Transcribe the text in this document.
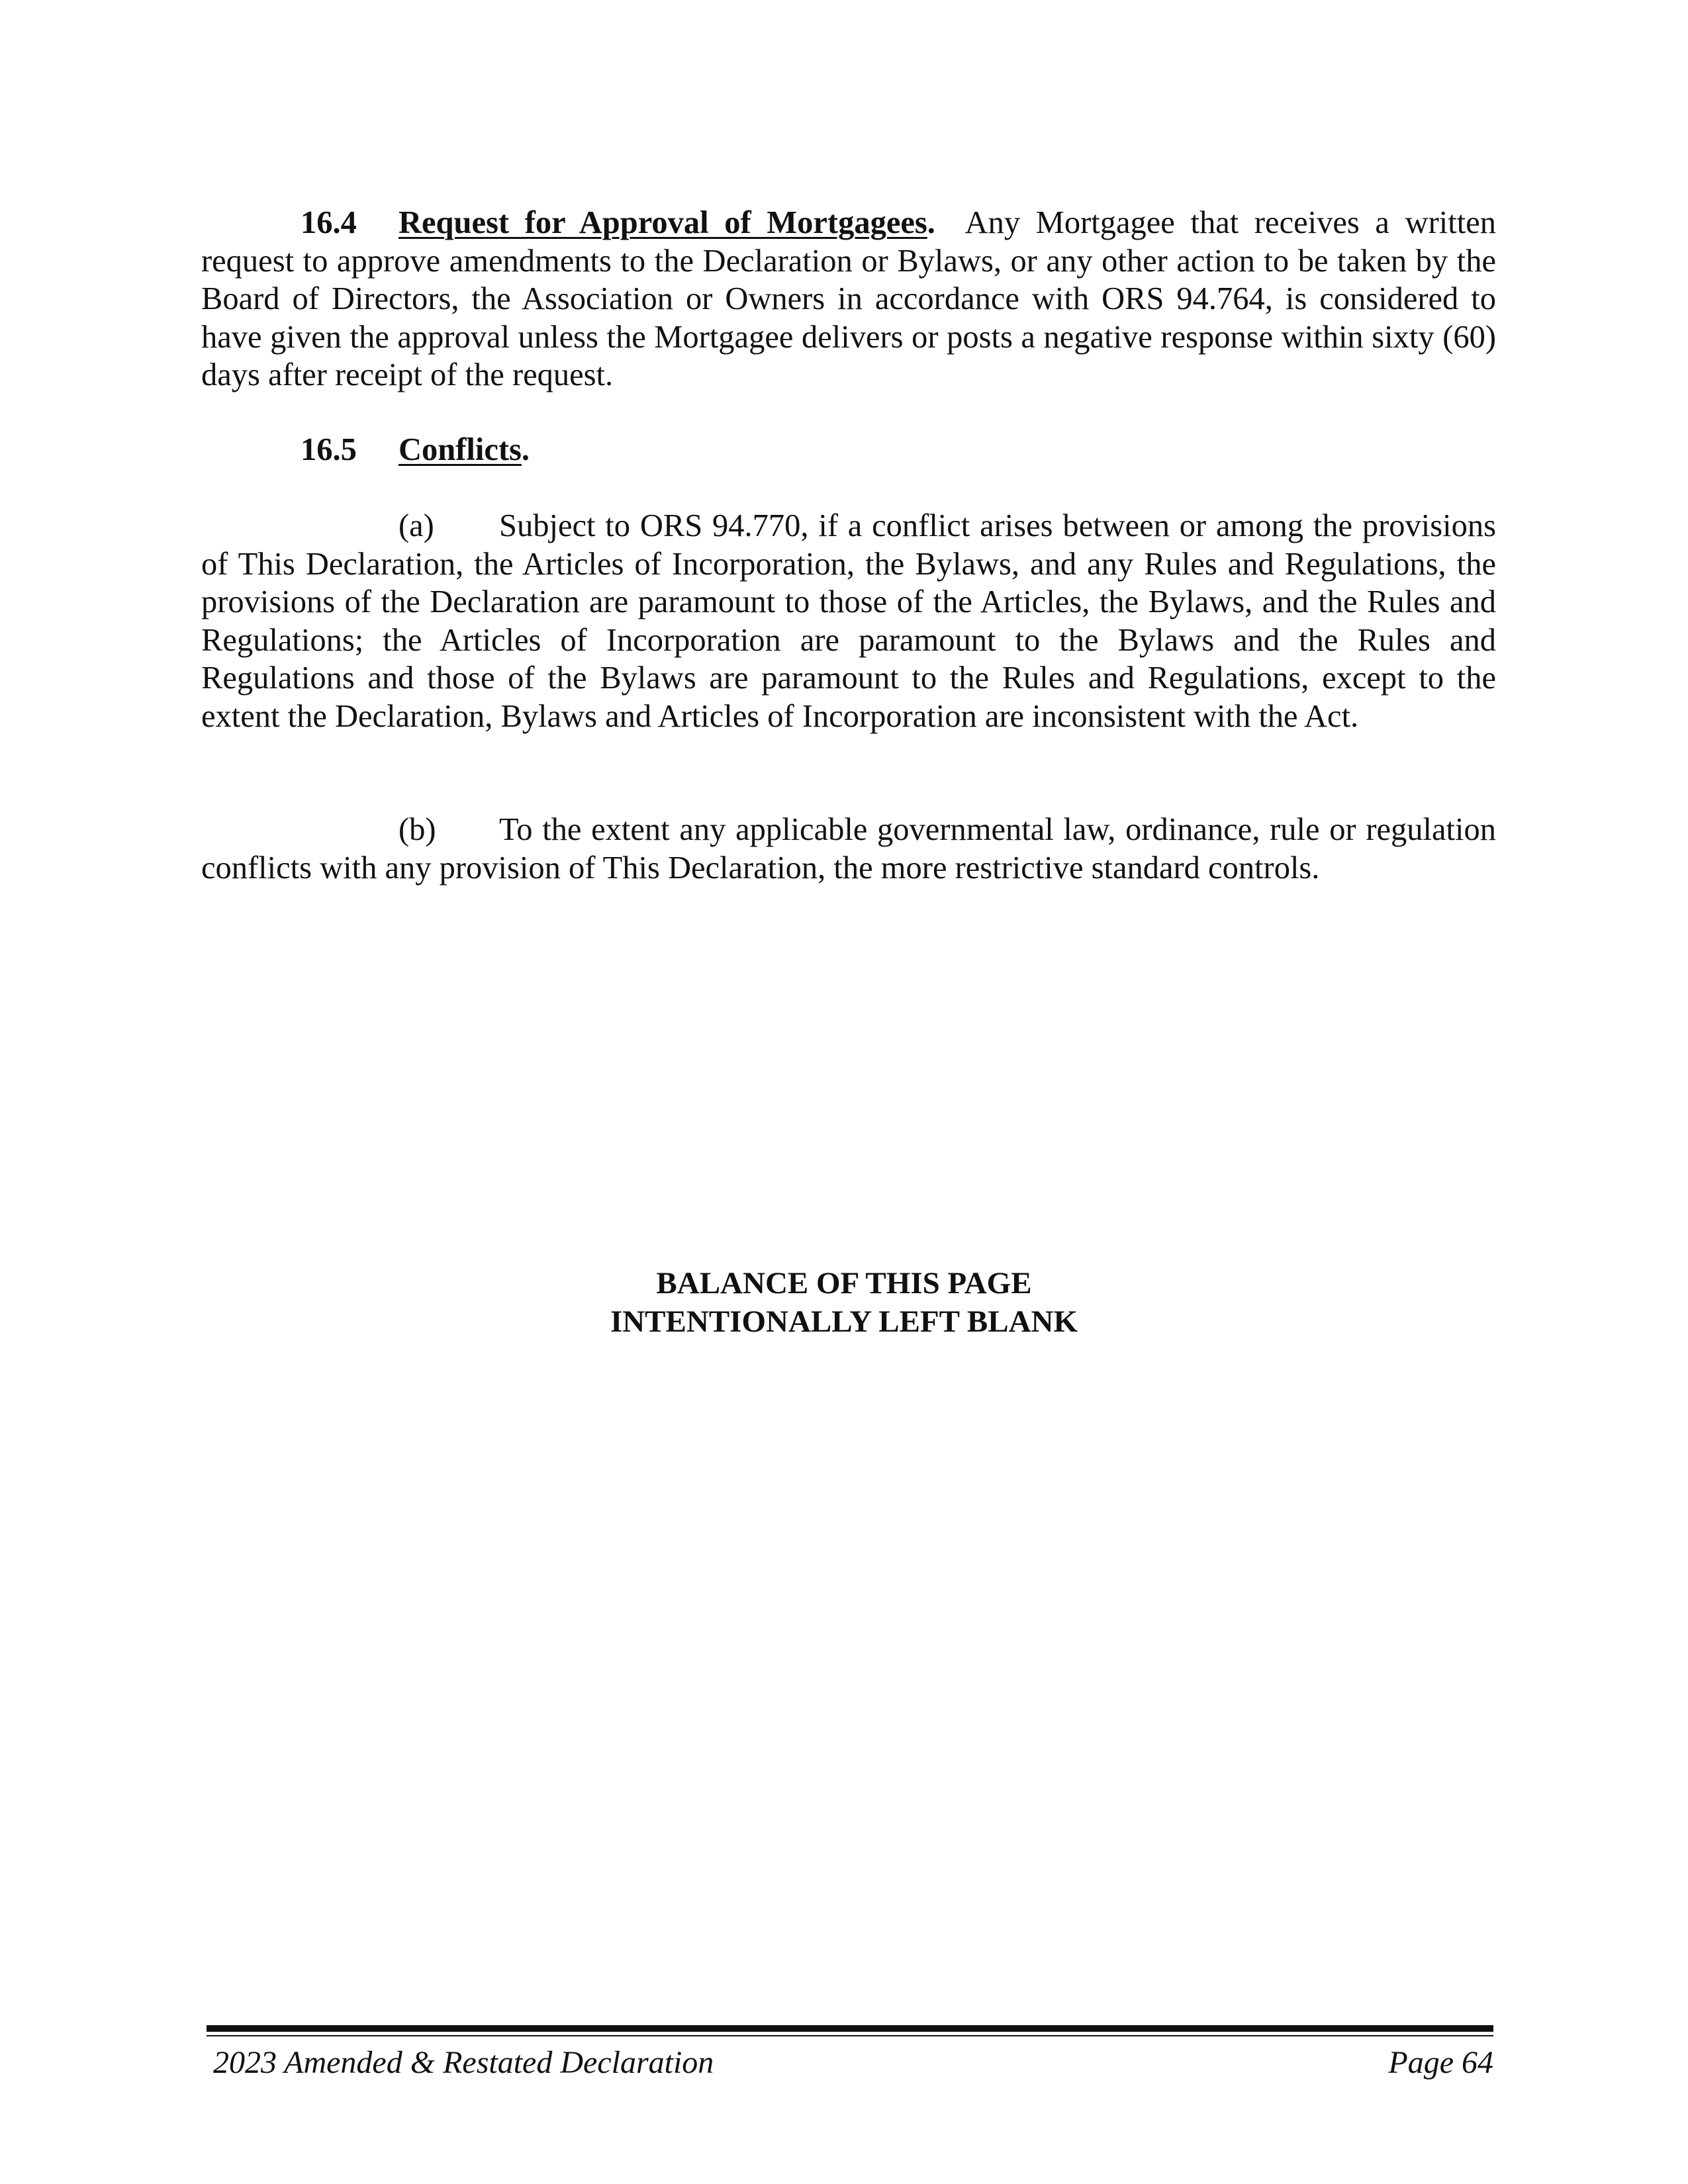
16.4 Request for Approval of Mortgagees. Any Mortgagee that receives a written request to approve amendments to the Declaration or Bylaws, or any other action to be taken by the Board of Directors, the Association or Owners in accordance with ORS 94.764, is considered to have given the approval unless the Mortgagee delivers or posts a negative response within sixty (60) days after receipt of the request.

16.5 Conflicts.

(a) Subject to ORS 94.770, if a conflict arises between or among the provisions of This Declaration, the Articles of Incorporation, the Bylaws, and any Rules and Regulations, the provisions of the Declaration are paramount to those of the Articles, the Bylaws, and the Rules and Regulations; the Articles of Incorporation are paramount to the Bylaws and the Rules and Regulations and those of the Bylaws are paramount to the Rules and Regulations, except to the extent the Declaration, Bylaws and Articles of Incorporation are inconsistent with the Act.

(b) To the extent any applicable governmental law, ordinance, rule or regulation conflicts with any provision of This Declaration, the more restrictive standard controls.

BALANCE OF THIS PAGE
INTENTIONALLY LEFT BLANK
2023 Amended & Restated Declaration	Page 64
